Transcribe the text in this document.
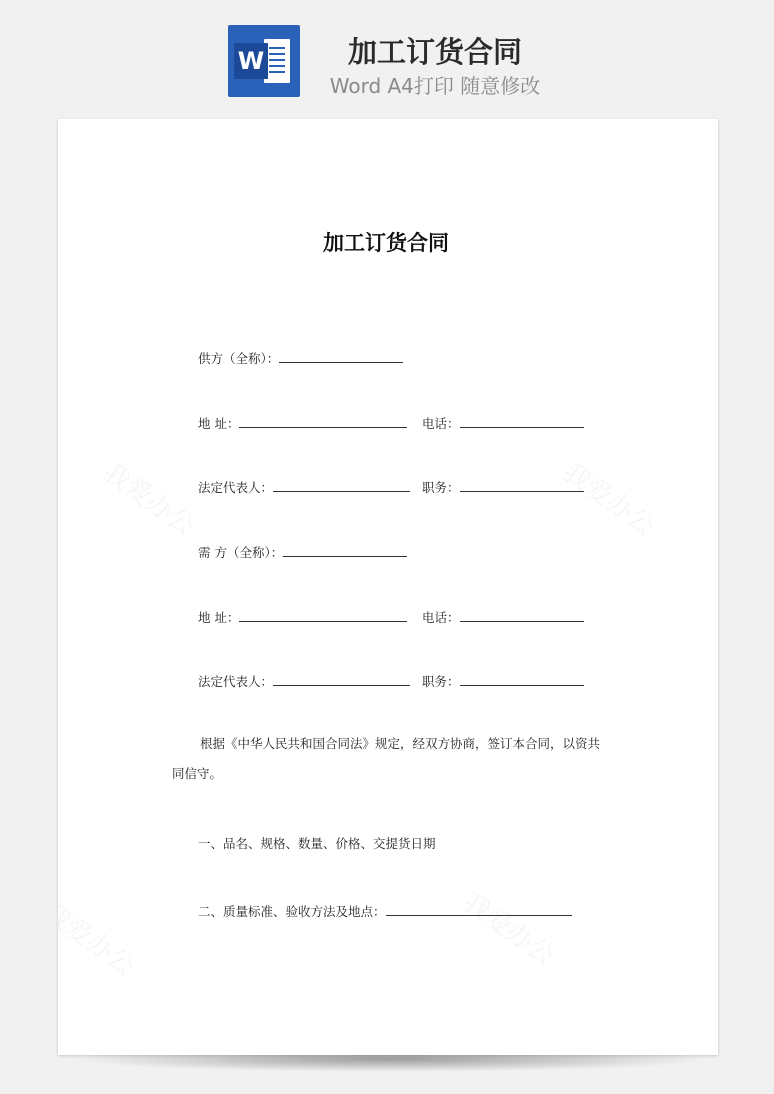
W	加工订货合同
Word A4打印 随意修改
加工订货合同
供方（全称）：
地 址：	电话：
法定代表人：	职务：
需 方（全称）：
地 址：	电话：
法定代表人：	职务：
根据《中华人民共和国合同法》规定，经双方协商，签订本合同，以资共同信守。
一、品名、规格、数量、价格、交提货日期
二、质量标准、验收方法及地点：
